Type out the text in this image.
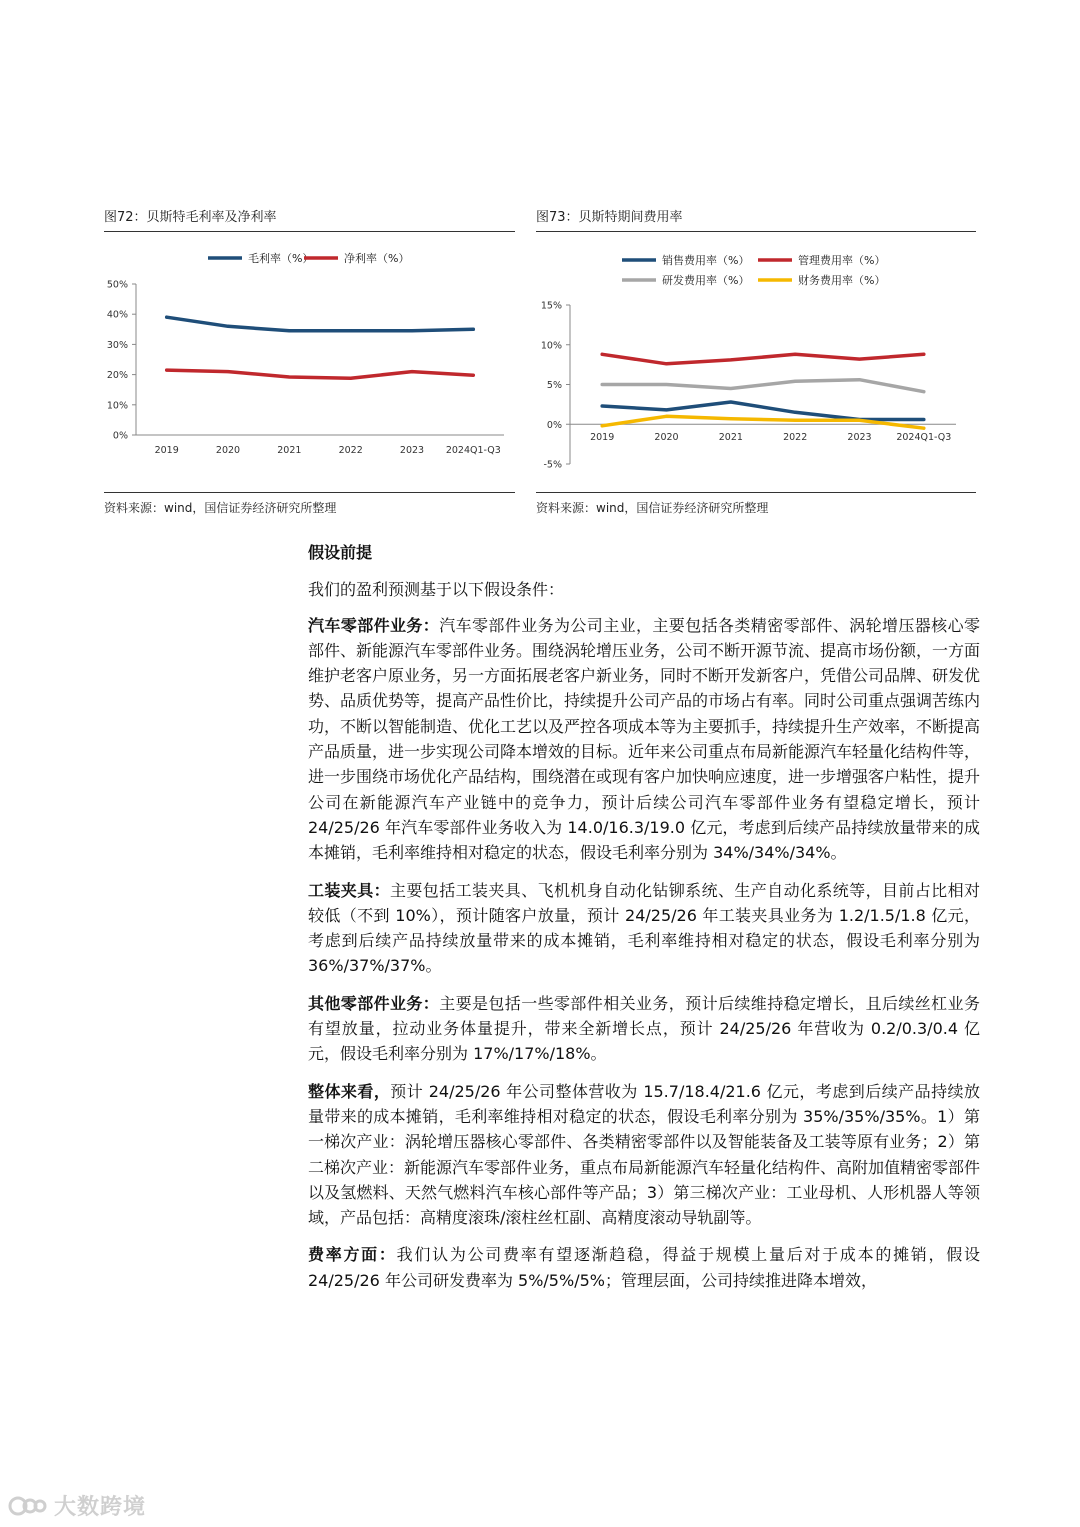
图72：贝斯特毛利率及净利率
毛利率（%）	净利率（%）
0%
10%
20%
30%
40%
50%
2019	2020	2021	2022	2023 2024Q1-Q3
资料来源：wind，国信证券经济研究所整理
图73：贝斯特期间费用率
销售费用率（%）	管理费用率（%）
研发费用率（%）	财务费用率（%）
-5%
0%
5%
10%
15%
2019	2020	2021	2022	2023	2024Q1-Q3
资料来源：wind，国信证券经济研究所整理
假设前提

我们的盈利预测基于以下假设条件：

汽车零部件业务：汽车零部件业务为公司主业，主要包括各类精密零部件、涡轮增压器核心零部件、新能源汽车零部件业务。围绕涡轮增压业务，公司不断开源节流、提高市场份额，一方面维护老客户原业务，另一方面拓展老客户新业务，同时不断开发新客户，凭借公司品牌、研发优势、品质优势等，提高产品性价比，持续提升公司产品的市场占有率。同时公司重点强调苦练内功，不断以智能制造、优化工艺以及严控各项成本等为主要抓手，持续提升生产效率，不断提高产品质量，进一步实现公司降本增效的目标。近年来公司重点布局新能源汽车轻量化结构件等，进一步围绕市场优化产品结构，围绕潜在或现有客户加快响应速度，进一步增强客户粘性，提升公司在新能源汽车产业链中的竞争力，预计后续公司汽车零部件业务有望稳定增长，预计 24/25/26 年汽车零部件业务收入为 14.0/16.3/19.0 亿元，考虑到后续产品持续放量带来的成本摊销，毛利率维持相对稳定的状态，假设毛利率分别为 34%/34%/34%。

工装夹具：主要包括工装夹具、飞机机身自动化钻铆系统、生产自动化系统等，目前占比相对较低（不到 10%），预计随客户放量，预计 24/25/26 年工装夹具业务为 1.2/1.5/1.8 亿元，考虑到后续产品持续放量带来的成本摊销，毛利率维持相对稳定的状态，假设毛利率分别为 36%/37%/37%。

其他零部件业务：主要是包括一些零部件相关业务，预计后续维持稳定增长，且后续丝杠业务有望放量，拉动业务体量提升，带来全新增长点，预计 24/25/26 年营收为 0.2/0.3/0.4 亿元，假设毛利率分别为 17%/17%/18%。

整体来看，预计 24/25/26 年公司整体营收为 15.7/18.4/21.6 亿元，考虑到后续产品持续放量带来的成本摊销，毛利率维持相对稳定的状态，假设毛利率分别为 35%/35%/35%。1）第一梯次产业：涡轮增压器核心零部件、各类精密零部件以及智能装备及工装等原有业务；2）第二梯次产业：新能源汽车零部件业务，重点布局新能源汽车轻量化结构件、高附加值精密零部件以及氢燃料、天然气燃料汽车核心部件等产品；3）第三梯次产业：工业母机、人形机器人等领域，产品包括：高精度滚珠/滚柱丝杠副、高精度滚动导轨副等。

费率方面：我们认为公司费率有望逐渐趋稳，得益于规模上量后对于成本的摊销，假设 24/25/26 年公司研发费率为 5%/5%/5%；管理层面，公司持续推进降本增效，

大数跨境
